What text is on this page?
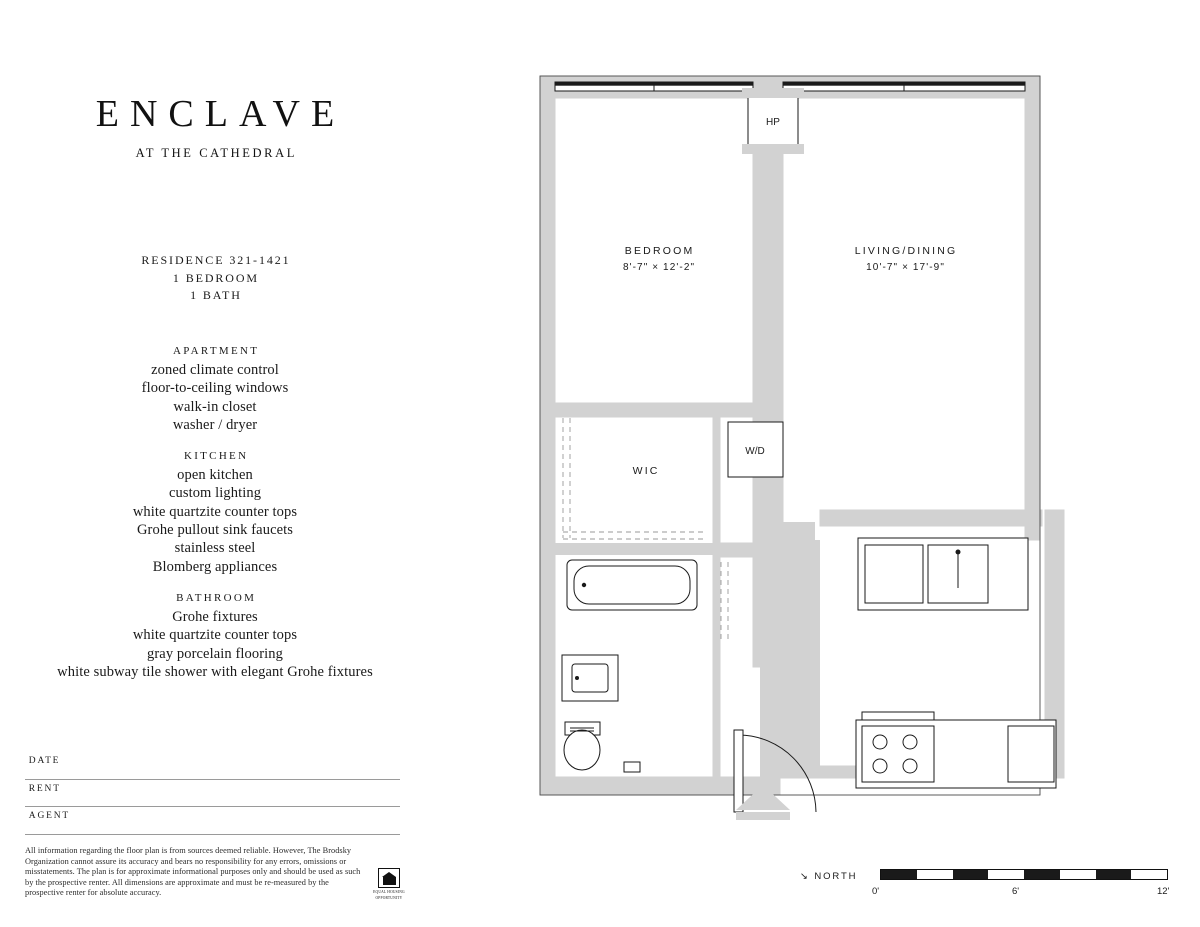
ENCLAVE
AT THE CATHEDRAL
RESIDENCE 321-1421
1 BEDROOM
1 BATH
APARTMENT
zoned climate control
floor-to-ceiling windows
walk-in closet
washer / dryer
KITCHEN
open kitchen
custom lighting
white quartzite counter tops
Grohe pullout sink faucets
stainless steel
Blomberg appliances
BATHROOM
Grohe fixtures
white quartzite counter tops
gray porcelain flooring
white subway tile shower with elegant Grohe fixtures
DATE
RENT
AGENT
All information regarding the floor plan is from sources deemed reliable. However, The Brodsky Organization cannot assure its accuracy and bears no responsibility for any errors, omissions or misstatements. The plan is for approximate informational purposes only and should be used as such by the prospective renter. All dimensions are approximate and must be re-measured by the prospective renter for absolute accuracy.	EQUAL HOUSING
OPPORTUNITY
HP
W/D
BEDROOM
8'-7" × 12'-2"
LIVING/DINING
10'-7" × 17'-9"
WIC
↘ NORTH
0'	6'	12'
